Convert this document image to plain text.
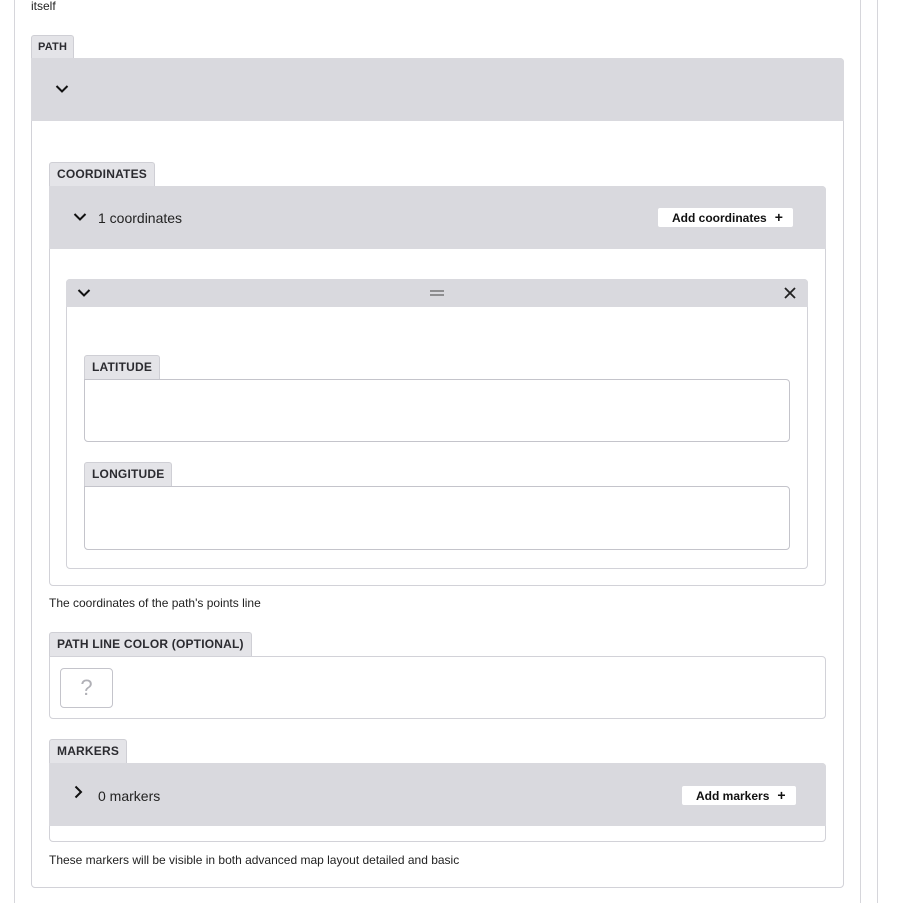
itself
PATH
COORDINATES
1 coordinates	Add coordinates +
LATITUDE
LONGITUDE
The coordinates of the path's points line
PATH LINE COLOR (OPTIONAL)
?
MARKERS
0 markers	Add markers +
These markers will be visible in both advanced map layout detailed and basic
